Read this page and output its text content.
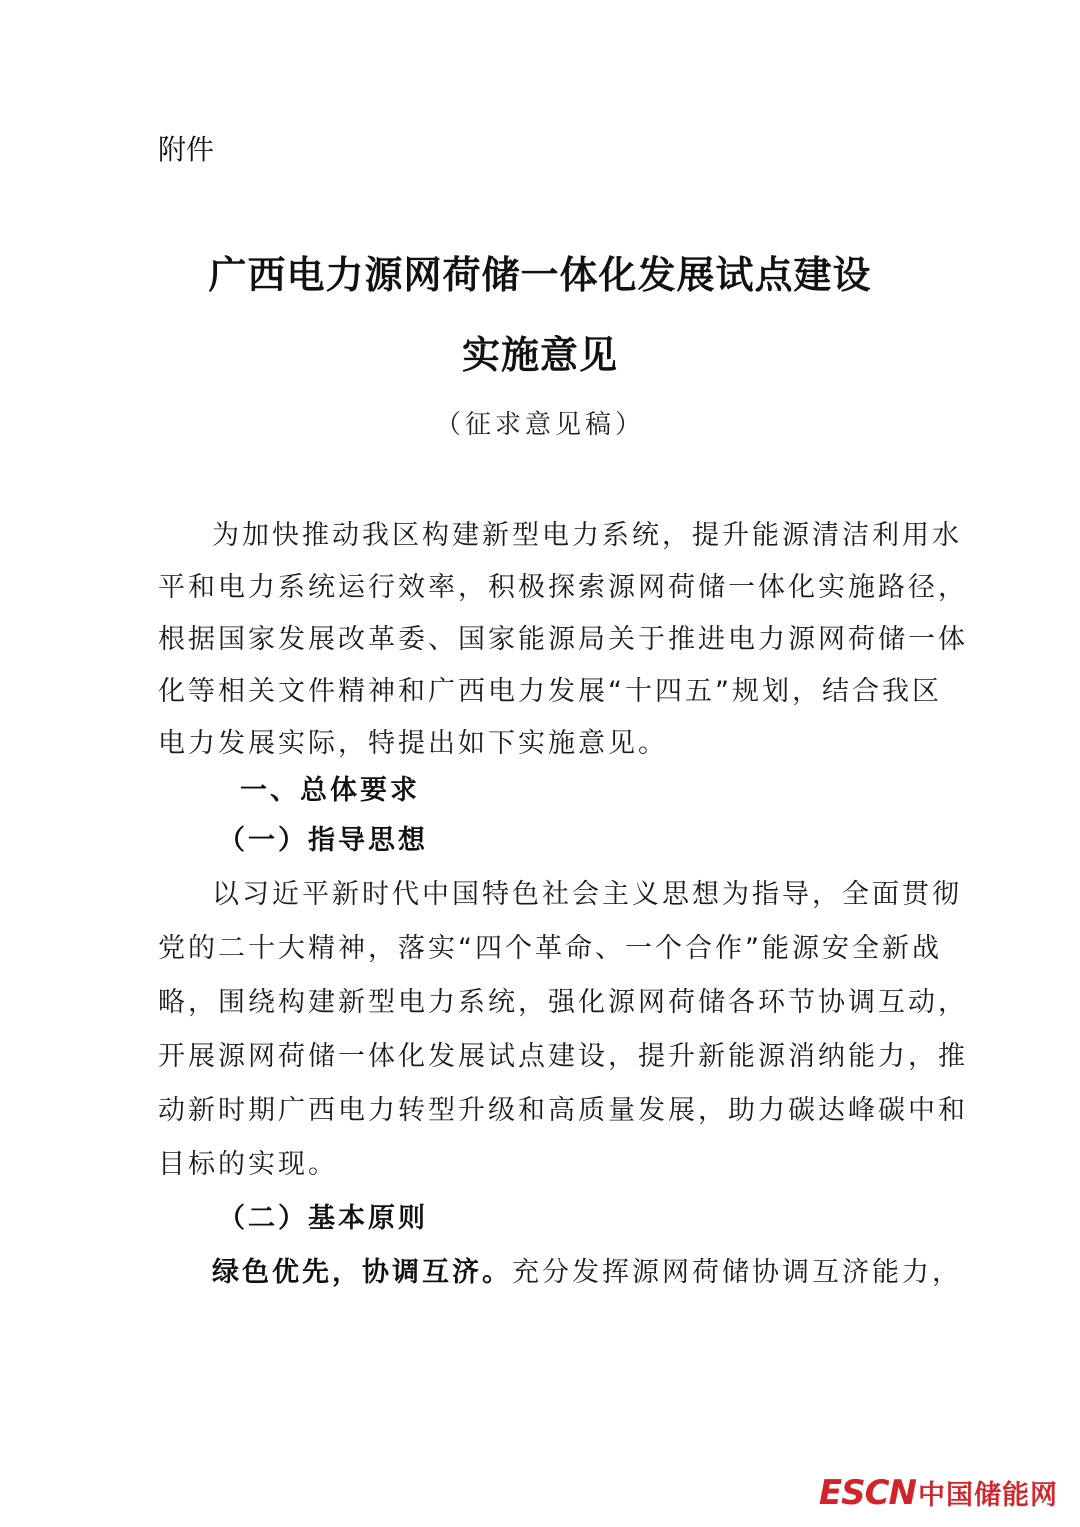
附件
广西电力源网荷储一体化发展试点建设
实施意见
（征求意见稿）

为加快推动我区构建新型电力系统，提升能源清洁利用水

平和电力系统运行效率，积极探索源网荷储一体化实施路径，

根据国家发展改革委、国家能源局关于推进电力源网荷储一体

化等相关文件精神和广西电力发展“十四五”规划，结合我区

电力发展实际，特提出如下实施意见。

一、总体要求

（一）指导思想

以习近平新时代中国特色社会主义思想为指导，全面贯彻

党的二十大精神，落实“四个革命、一个合作”能源安全新战

略，围绕构建新型电力系统，强化源网荷储各环节协调互动，

开展源网荷储一体化发展试点建设，提升新能源消纳能力，推

动新时期广西电力转型升级和高质量发展，助力碳达峰碳中和

目标的实现。

（二）基本原则

绿色优先，协调互济。充分发挥源网荷储协调互济能力，

ESCN 中国储能网
